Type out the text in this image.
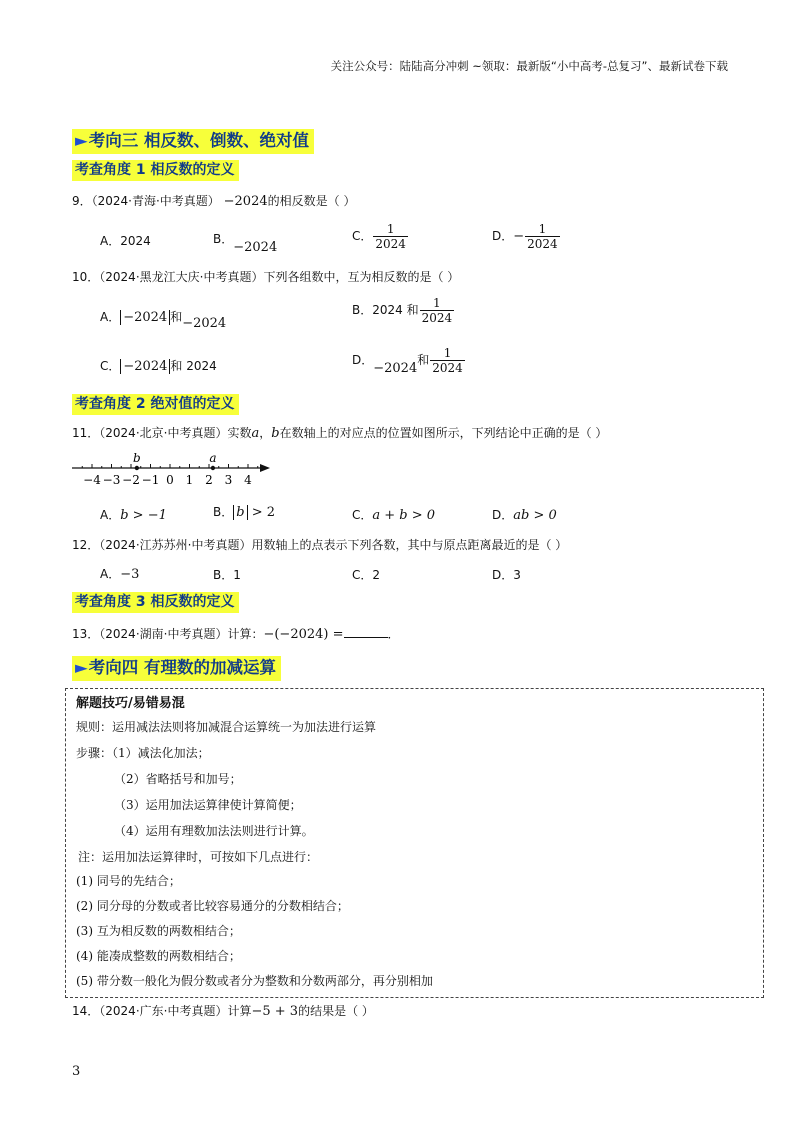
关注公众号：陆陆高分冲刺 ~领取：最新版“小中高考-总复习”、最新试卷下载
►考向三 相反数、倒数、绝对值
考查角度 1 相反数的定义
9．（2024·青海·中考真题） −2024的相反数是（ ）
A．2024	B．−2024
C． $\frac{1}{2024}$	D．− $\frac{1}{2024}$
10．（2024·黑龙江大庆·中考真题）下列各组数中，互为相反数的是（ ）
A． −2024 和−2024
B．2024 和 $\frac{1}{2024}$
C． −2024 和 2024	D．−2024和 $\frac{1}{2024}$
考查角度 2 绝对值的定义
11．（2024·北京·中考真题）实数a，b在数轴上的对应点的位置如图所示，下列结论中正确的是（ ）
−4 −3 −2 −1 0 1 2 3 4
b	a
A．b > −1	B． b > 2	C．a + b > 0	D．ab > 0
12．（2024·江苏苏州·中考真题）用数轴上的点表示下列各数，其中与原点距离最近的是（ ）
A．−3	B．1	C．2	D．3
考查角度 3 相反数的定义
13．（2024·湖南·中考真题）计算：−(−2024) =	．
►考向四 有理数的加减运算
解题技巧/易错易混
规则：运用减法法则将加减混合运算统一为加法进行运算
步骤：（1）减法化加法；
（2）省略括号和加号；
（3）运用加法运算律使计算简便；
（4）运用有理数加法法则进行计算。
注：运用加法运算律时，可按如下几点进行：
(1) 同号的先结合；
(2) 同分母的分数或者比较容易通分的分数相结合；
(3) 互为相反数的两数相结合；
(4) 能凑成整数的两数相结合；
(5) 带分数一般化为假分数或者分为整数和分数两部分，再分别相加
14．（2024·广东·中考真题）计算−5 + 3的结果是（ ）
3
